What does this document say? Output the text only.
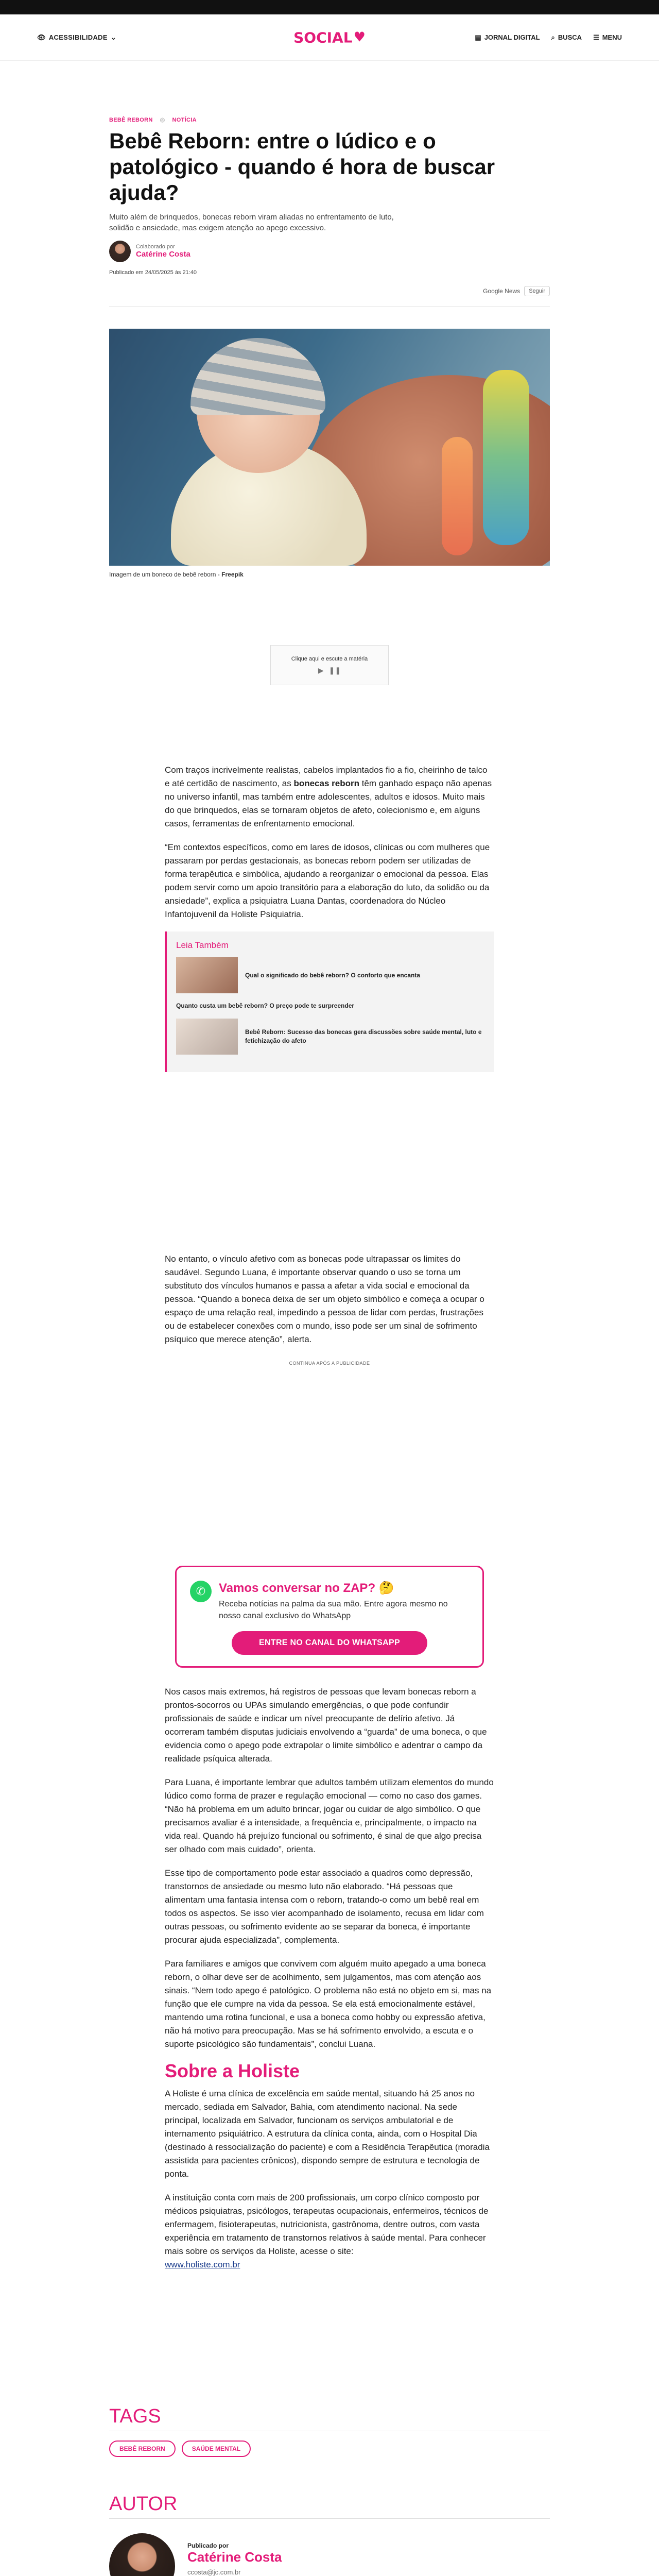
👁 ACESSIBILIDADE ⌄	SOCIAL ♥	▤ JORNAL DIGITAL ⌕ BUSCA ☰ MENU
BEBÊ REBORN ◎ NOTÍCIA
Bebê Reborn: entre o lúdico e o patológico - quando é hora de buscar ajuda?

Muito além de brinquedos, bonecas reborn viram aliadas no enfrentamento de luto, solidão e ansiedade, mas exigem atenção ao apego excessivo.

Colaborado por
Catérine Costa
Publicado em 24/05/2025 às 21:40
Google News	Seguir
Imagem de um boneco de bebê reborn - Freepik
Clique aqui e escute a matéria
▶ ❚❚

Com traços incrivelmente realistas, cabelos implantados fio a fio, cheirinho de talco e até certidão de nascimento, as bonecas reborn têm ganhado espaço não apenas no universo infantil, mas também entre adolescentes, adultos e idosos. Muito mais do que brinquedos, elas se tornaram objetos de afeto, colecionismo e, em alguns casos, ferramentas de enfrentamento emocional.

“Em contextos específicos, como em lares de idosos, clínicas ou com mulheres que passaram por perdas gestacionais, as bonecas reborn podem ser utilizadas de forma terapêutica e simbólica, ajudando a reorganizar o emocional da pessoa. Elas podem servir como um apoio transitório para a elaboração do luto, da solidão ou da ansiedade”, explica a psiquiatra Luana Dantas, coordenadora do Núcleo Infantojuvenil da Holiste Psiquiatria.

Leia Também
Qual o significado do bebê reborn? O conforto que encanta
Quanto custa um bebê reborn? O preço pode te surpreender
Bebê Reborn: Sucesso das bonecas gera discussões sobre saúde mental, luto e fetichização do afeto

No entanto, o vínculo afetivo com as bonecas pode ultrapassar os limites do saudável. Segundo Luana, é importante observar quando o uso se torna um substituto dos vínculos humanos e passa a afetar a vida social e emocional da pessoa. “Quando a boneca deixa de ser um objeto simbólico e começa a ocupar o espaço de uma relação real, impedindo a pessoa de lidar com perdas, frustrações ou de estabelecer conexões com o mundo, isso pode ser um sinal de sofrimento psíquico que merece atenção”, alerta.

CONTINUA APÓS A PUBLICIDADE
✆	Vamos conversar no ZAP? 🤔
Receba notícias na palma da sua mão. Entre agora mesmo no nosso canal exclusivo do WhatsApp
ENTRE NO CANAL DO WHATSAPP

Nos casos mais extremos, há registros de pessoas que levam bonecas reborn a prontos-socorros ou UPAs simulando emergências, o que pode confundir profissionais de saúde e indicar um nível preocupante de delírio afetivo. Já ocorreram também disputas judiciais envolvendo a “guarda” de uma boneca, o que evidencia como o apego pode extrapolar o limite simbólico e adentrar o campo da realidade psíquica alterada.

Para Luana, é importante lembrar que adultos também utilizam elementos do mundo lúdico como forma de prazer e regulação emocional — como no caso dos games. “Não há problema em um adulto brincar, jogar ou cuidar de algo simbólico. O que precisamos avaliar é a intensidade, a frequência e, principalmente, o impacto na vida real. Quando há prejuízo funcional ou sofrimento, é sinal de que algo precisa ser olhado com mais cuidado”, orienta.

Esse tipo de comportamento pode estar associado a quadros como depressão, transtornos de ansiedade ou mesmo luto não elaborado. “Há pessoas que alimentam uma fantasia intensa com o reborn, tratando-o como um bebê real em todos os aspectos. Se isso vier acompanhado de isolamento, recusa em lidar com outras pessoas, ou sofrimento evidente ao se separar da boneca, é importante procurar ajuda especializada”, complementa.

Para familiares e amigos que convivem com alguém muito apegado a uma boneca reborn, o olhar deve ser de acolhimento, sem julgamentos, mas com atenção aos sinais. “Nem todo apego é patológico. O problema não está no objeto em si, mas na função que ele cumpre na vida da pessoa. Se ela está emocionalmente estável, mantendo uma rotina funcional, e usa a boneca como hobby ou expressão afetiva, não há motivo para preocupação. Mas se há sofrimento envolvido, a escuta e o suporte psicológico são fundamentais”, conclui Luana.

Sobre a Holiste

A Holiste é uma clínica de excelência em saúde mental, situando há 25 anos no mercado, sediada em Salvador, Bahia, com atendimento nacional. Na sede principal, localizada em Salvador, funcionam os serviços ambulatorial e de internamento psiquiátrico. A estrutura da clínica conta, ainda, com o Hospital Dia (destinado à ressocialização do paciente) e com a Residência Terapêutica (moradia assistida para pacientes crônicos), dispondo sempre de estrutura e tecnologia de ponta.

A instituição conta com mais de 200 profissionais, um corpo clínico composto por médicos psiquiatras, psicólogos, terapeutas ocupacionais, enfermeiros, técnicos de enfermagem, fisioterapeutas, nutricionista, gastrônoma, dentre outros, com vasta experiência em tratamento de transtornos relativos à saúde mental. Para conhecer mais sobre os serviços da Holiste, acesse o site:
www.holiste.com.br

TAGS
BEBÊ REBORN	SAÚDE MENTAL
AUTOR
Publicado por
Catérine Costa
ccosta@jc.com.br
